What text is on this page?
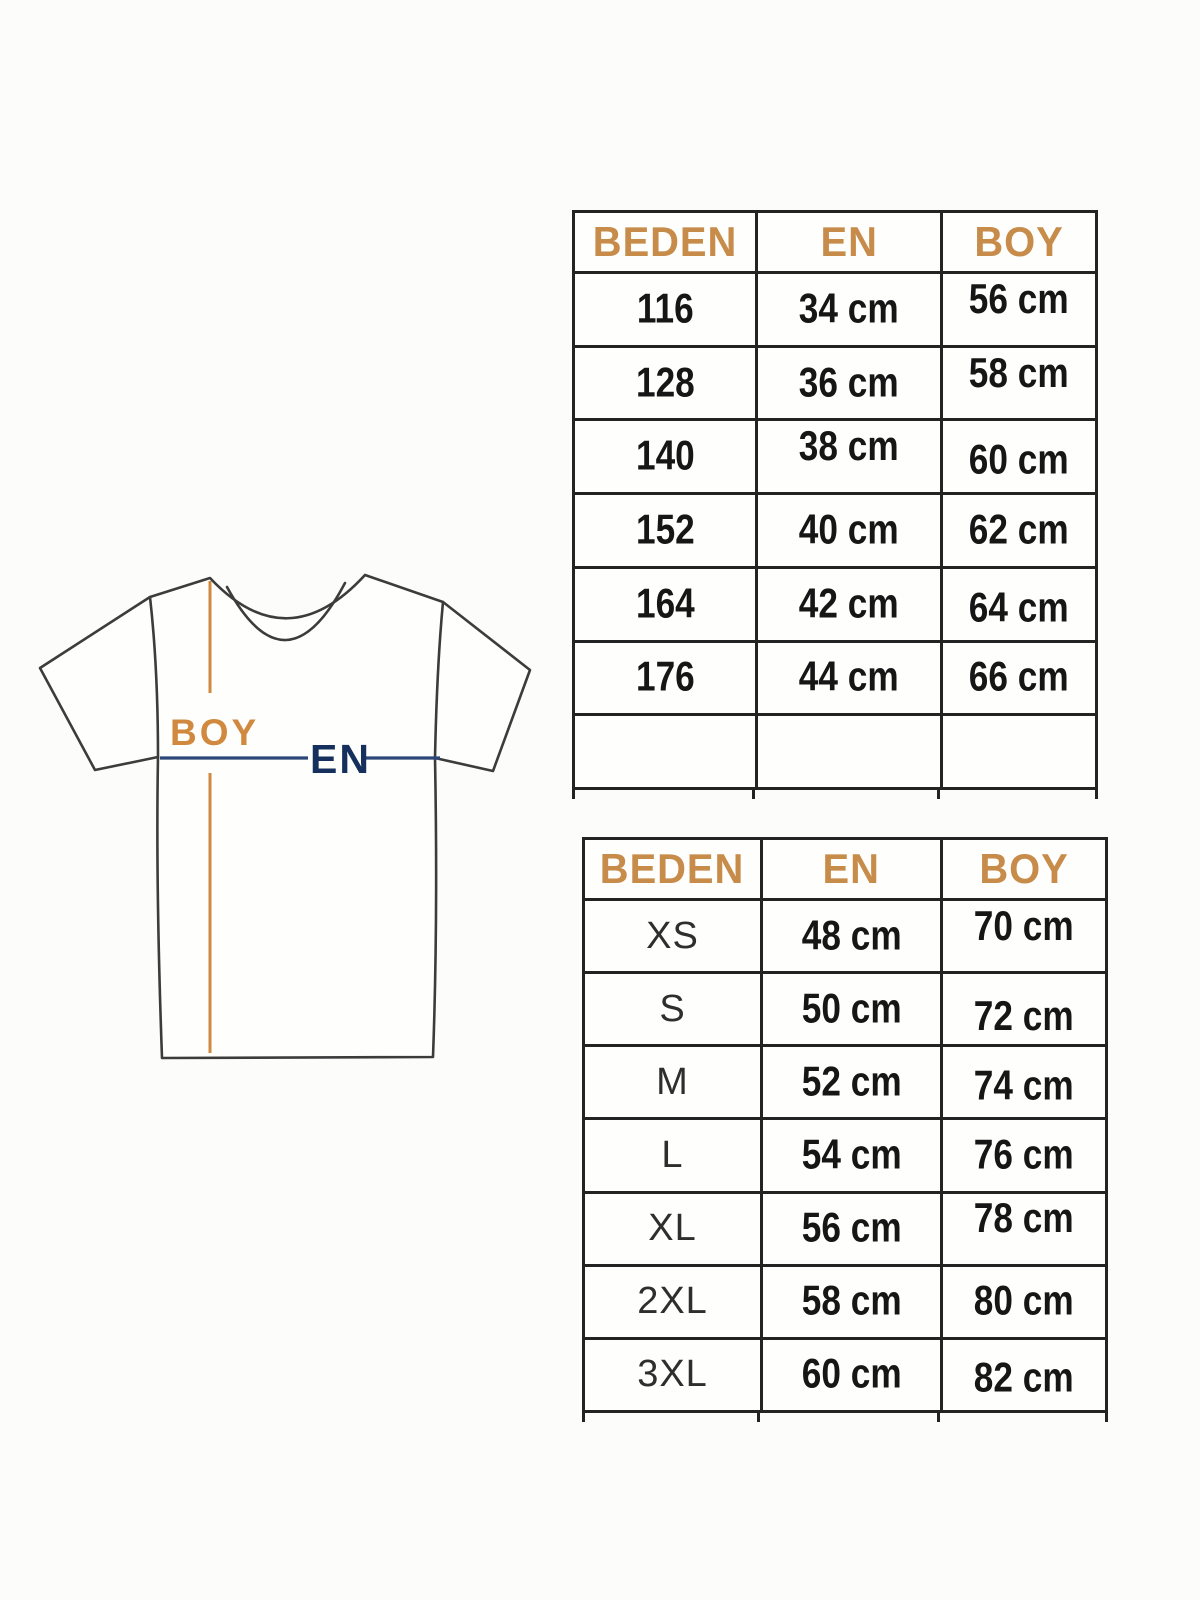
BOY
EN
BEDEN EN BOY
116	34 cm 56 cm
128	36 cm 58 cm
140	38 cm 60 cm
152	40 cm 62 cm
164	42 cm 64 cm
176	44 cm 66 cm
BEDEN EN BOY
XS	48 cm 70 cm
S	50 cm 72 cm
M	52 cm 74 cm
L	54 cm 76 cm
XL	56 cm 78 cm
2XL 58 cm 80 cm
3XL 60 cm 82 cm
